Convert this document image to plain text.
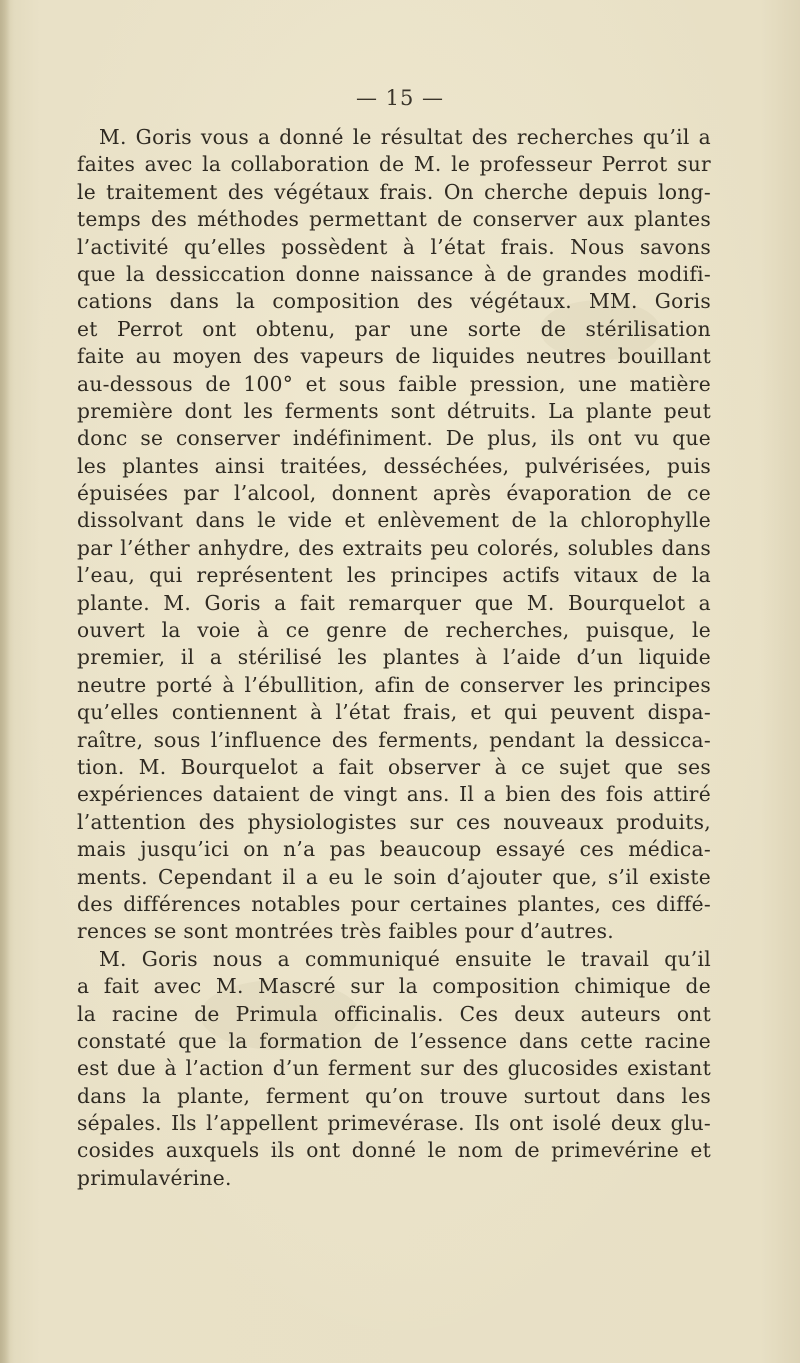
— 15 —
M. Goris vous a donné le résultat des recherches qu’il a
faites avec la collaboration de M. le professeur Perrot sur
le traitement des végétaux frais. On cherche depuis long-
temps des méthodes permettant de conserver aux plantes
l’activité qu’elles possèdent à l’état frais. Nous savons
que la dessiccation donne naissance à de grandes modifi-
cations dans la composition des végétaux. MM. Goris
et Perrot ont obtenu, par une sorte de stérilisation
faite au moyen des vapeurs de liquides neutres bouillant
au-dessous de 100° et sous faible pression, une matière
première dont les ferments sont détruits. La plante peut
donc se conserver indéfiniment. De plus, ils ont vu que
les plantes ainsi traitées, desséchées, pulvérisées, puis
épuisées par l’alcool, donnent après évaporation de ce
dissolvant dans le vide et enlèvement de la chlorophylle
par l’éther anhydre, des extraits peu colorés, solubles dans
l’eau, qui représentent les principes actifs vitaux de la
plante. M. Goris a fait remarquer que M. Bourquelot a
ouvert la voie à ce genre de recherches, puisque, le
premier, il a stérilisé les plantes à l’aide d’un liquide
neutre porté à l’ébullition, afin de conserver les principes
qu’elles contiennent à l’état frais, et qui peuvent dispa-
raître, sous l’influence des ferments, pendant la dessicca-
tion. M. Bourquelot a fait observer à ce sujet que ses
expériences dataient de vingt ans. Il a bien des fois attiré
l’attention des physiologistes sur ces nouveaux produits,
mais jusqu’ici on n’a pas beaucoup essayé ces médica-
ments. Cependant il a eu le soin d’ajouter que, s’il existe
des différences notables pour certaines plantes, ces diffé-
rences se sont montrées très faibles pour d’autres.
M. Goris nous a communiqué ensuite le travail qu’il
a fait avec M. Mascré sur la composition chimique de
la racine de Primula officinalis. Ces deux auteurs ont
constaté que la formation de l’essence dans cette racine
est due à l’action d’un ferment sur des glucosides existant
dans la plante, ferment qu’on trouve surtout dans les
sépales. Ils l’appellent primevérase. Ils ont isolé deux glu-
cosides auxquels ils ont donné le nom de primevérine et
primulavérine.
